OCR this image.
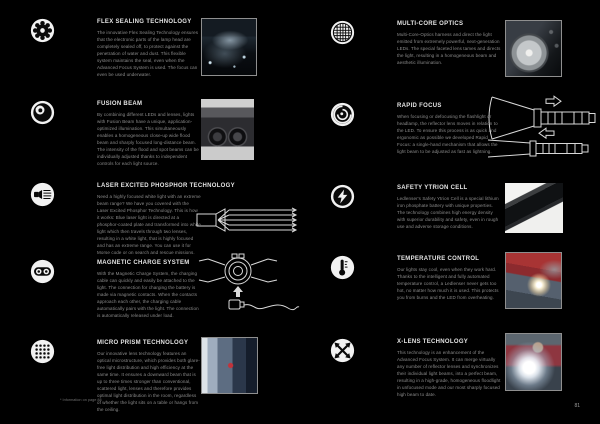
FLEX SEALING TECHNOLOGY

The innovative Flex Sealing Technology ensures that the electronic parts of the lamp head are completely sealed off, to protect against the penetration of water and dust. This flexible system maintains the seal, even when the Advanced Focus System is used. The focus can even be used underwater.

FUSION BEAM

By combining different LEDs and lenses, lights with Fusion Beam have a unique, application-optimized illumination. This simultaneously enables a homogeneous close-up wide flood beam and sharply focused long-distance beam. The intensity of the flood and spot beams can be individually adjusted thanks to independent controls for each light source.

LASER EXCITED PHOSPHOR TECHNOLOGY

Need a highly focused white light with an extreme beam range? We have you covered with the Laser Excited Phosphor Technology. This is how it works: Blue laser light is directed at a phosphor-coated plate and transformed into white light which then travels through two lenses, resulting in a white light, that is highly focused and has an extreme range. You can use it for Morse code or on search and rescue missions.

MAGNETIC CHARGE SYSTEM

With the Magnetic Charge System, the charging cable can quickly and easily be attached to the light. The connection for charging the battery is made via magnetic contacts. When the contacts approach each other, the charging cable automatically pairs with the light. The connection is automatically released under load.

MICRO PRISM TECHNOLOGY

Our innovative lens technology features an optical microstructure, which provides both glare-free light distribution and high efficiency at the same time. It ensures a downward beam that is up to three times stronger than conventional, scattered light, lenses and therefore provides optimal light distribution in the room, regardless of whether the light sits on a table or hangs from the ceiling.

MULTI-CORE OPTICS

Multi-Core-Optics harness and direct the light emitted from extremely powerful, next-generation LEDs. The special faceted lens tames and directs the light, resulting in a homogeneous beam and aesthetic illumination.

RAPID FOCUS

When focusing or defocusing the flashlight or headlamp, the reflector lens moves in relation to the LED. To ensure this process is as quick and ergonomic as possible we developed Rapid Focus: a single-hand mechanism that allows the light beam to be adjusted as fast as lightning.

SAFETY YTRION CELL

Ledlenser's Safety Ytrion Cell is a special lithium iron phosphate battery with unique properties. The technology combines high energy density with superior durability and safety, even in rough use and adverse storage conditions.

TEMPERATURE CONTROL

Our lights stay cool, even when they work hard. Thanks to the intelligent and fully automated temperature control, a Ledlenser never gets too hot, no matter how much it is used. This protects you from burns and the LED from overheating.

X-LENS TECHNOLOGY

This technology is an enhancement of the Advanced Focus System. It can merge virtually any number of reflector lenses and synchronizes their individual light beams, into a perfect beam, resulting in a high-grade, homogeneous floodlight in unfocused mode and our most sharply focused high beam to date.

* Information on page 88
81
